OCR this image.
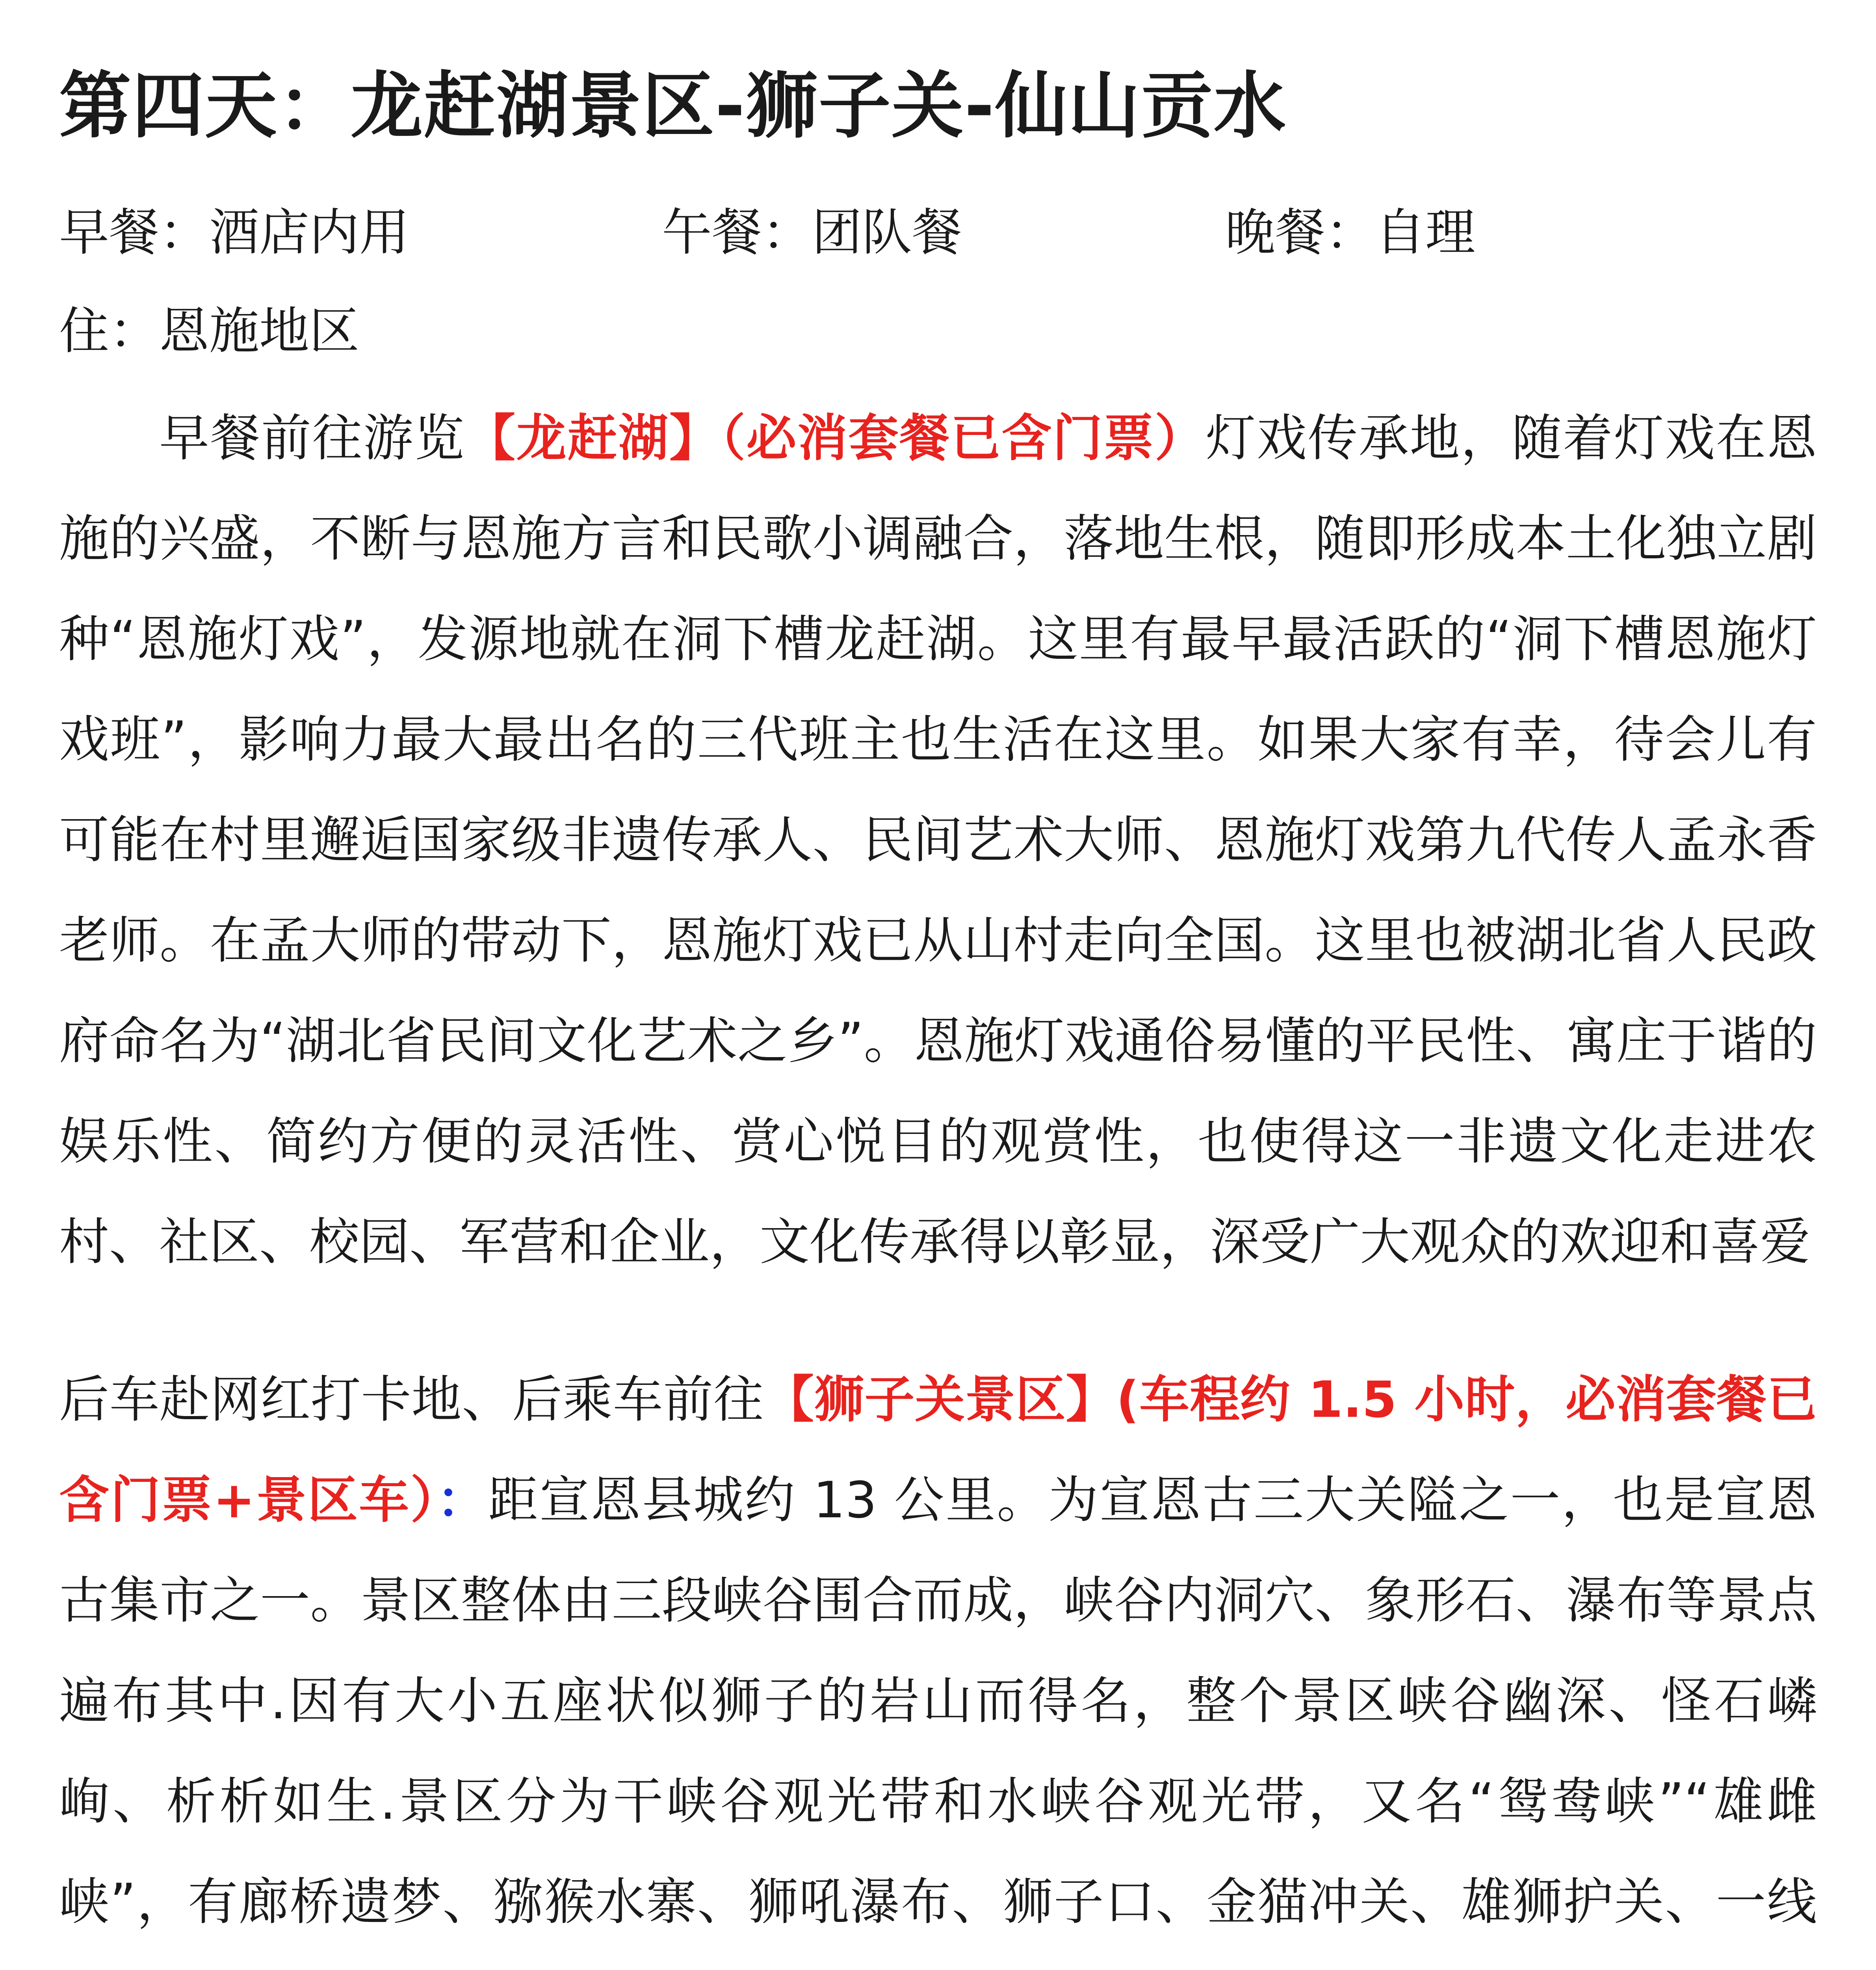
第四天：龙赶湖景区-狮子关-仙山贡水
早餐：酒店内用	午餐：团队餐	晚餐：自理
住：恩施地区

早餐前往游览【龙赶湖】（必消套餐已含门票）灯戏传承地，随着灯戏在恩施的兴盛，不断与恩施方言和民歌小调融合，落地生根，随即形成本土化独立剧种“恩施灯戏”，发源地就在洞下槽龙赶湖。这里有最早最活跃的“洞下槽恩施灯戏班”，影响力最大最出名的三代班主也生活在这里。如果大家有幸，待会儿有可能在村里邂逅国家级非遗传承人、民间艺术大师、恩施灯戏第九代传人孟永香老师。在孟大师的带动下，恩施灯戏已从山村走向全国。这里也被湖北省人民政府命名为“湖北省民间文化艺术之乡”。恩施灯戏通俗易懂的平民性、寓庄于谐的娱乐性、简约方便的灵活性、赏心悦目的观赏性，也使得这一非遗文化走进农村、社区、校园、军营和企业，文化传承得以彰显，深受广大观众的欢迎和喜爱

后车赴网红打卡地、后乘车前往【狮子关景区】(车程约 1.5 小时，必消套餐已含门票+景区车）：距宣恩县城约 13 公里。为宣恩古三大关隘之一，也是宣恩古集市之一。景区整体由三段峡谷围合而成，峡谷内洞穴、象形石、瀑布等景点遍布其中.因有大小五座状似狮子的岩山而得名，整个景区峡谷幽深、怪石嶙峋、析析如生.景区分为干峡谷观光带和水峡谷观光带，又名“鸳鸯峡”“雄雌峡”，有廊桥遗梦、猕猴水寨、狮吼瀑布、狮子口、金猫冲关、雄狮护关、一线
